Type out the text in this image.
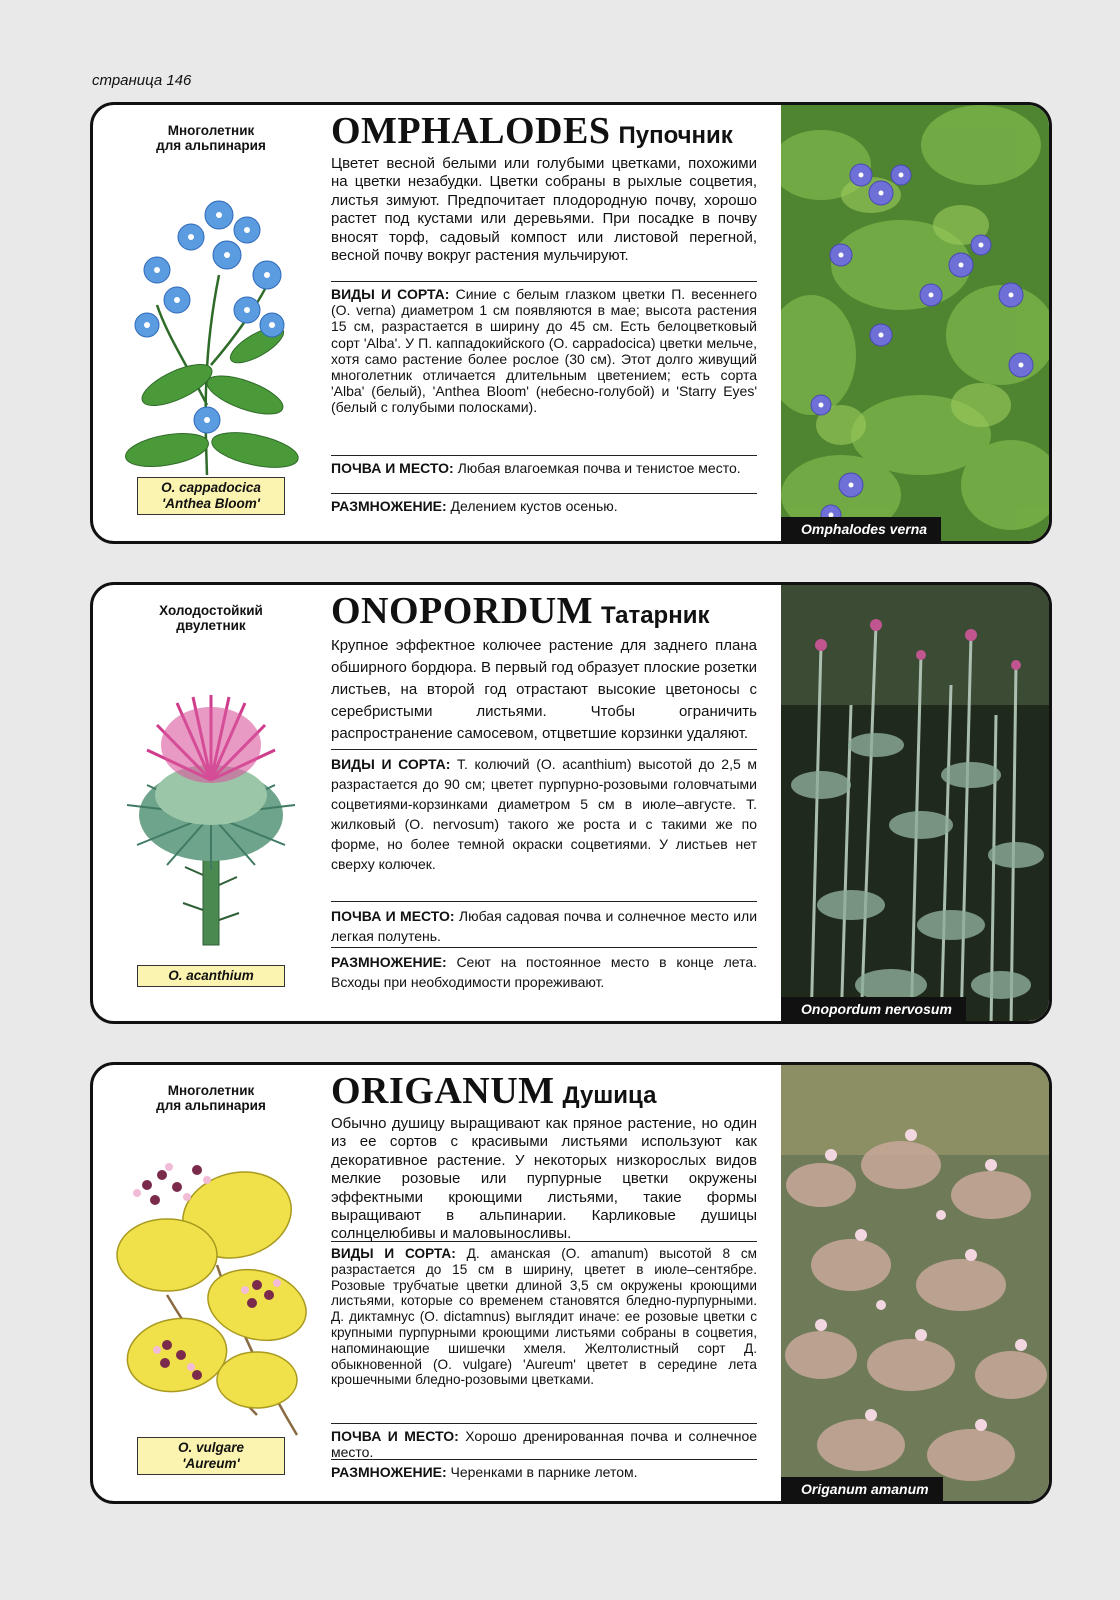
страница 146
Многолетник
для альпинария
O. cappadocica
'Anthea Bloom'
OMPHALODES Пупочник
Цветет весной белыми или голубыми цветками, похожими на цветки незабудки. Цветки собраны в рыхлые соцветия, листья зимуют. Предпочитает плодородную почву, хорошо растет под кустами или деревьями. При посадке в почву вносят торф, садовый компост или листовой перегной, весной почву вокруг растения мульчируют.
ВИДЫ И СОРТА: Синие с белым глазком цветки П. весеннего (O. verna) диаметром 1 см появляются в мае; высота растения 15 см, разрастается в ширину до 45 см. Есть белоцветковый сорт 'Alba'. У П. каппадокийского (O. cappadocica) цветки мельче, хотя само растение более рослое (30 см). Этот долго живущий многолетник отличается длительным цветением; есть сорта 'Alba' (белый), 'Anthea Bloom' (небесно-голубой) и 'Starry Eyes' (белый с голубыми полосками).
ПОЧВА И МЕСТО: Любая влагоемкая почва и тенистое место.
РАЗМНОЖЕНИЕ: Делением кустов осенью.
Omphalodes verna
Холодостойкий
двулетник
O. acanthium
ONOPORDUM Татарник
Крупное эффектное колючее растение для заднего плана обширного бордюра. В первый год образует плоские розетки листьев, на второй год отрастают высокие цветоносы с серебристыми листьями. Чтобы ограничить распространение самосевом, отцветшие корзинки удаляют.
ВИДЫ И СОРТА: Т. колючий (O. acanthium) высотой до 2,5 м разрастается до 90 см; цветет пурпурно-розовыми головчатыми соцветиями-корзинками диаметром 5 см в июле–августе. Т. жилковый (O. nervosum) такого же роста и с такими же по форме, но более темной окраски соцветиями. У листьев нет сверху колючек.
ПОЧВА И МЕСТО: Любая садовая почва и солнечное место или легкая полутень.
РАЗМНОЖЕНИЕ: Сеют на постоянное место в конце лета. Всходы при необходимости прореживают.
Onopordum nervosum
Многолетник
для альпинария
O. vulgare
'Aureum'
ORIGANUM Душица
Обычно душицу выращивают как пряное растение, но один из ее сортов с красивыми листьями используют как декоративное растение. У некоторых низкорослых видов мелкие розовые или пурпурные цветки окружены эффектными кроющими листьями, такие формы выращивают в альпинарии. Карликовые душицы солнцелюбивы и маловыносливы.
ВИДЫ И СОРТА: Д. аманская (O. amanum) высотой 8 см разрастается до 15 см в ширину, цветет в июле–сентябре. Розовые трубчатые цветки длиной 3,5 см окружены кроющими листьями, которые со временем становятся бледно-пурпурными. Д. диктамнус (O. dictamnus) выглядит иначе: ее розовые цветки с крупными пурпурными кроющими листьями собраны в соцветия, напоминающие шишечки хмеля. Желтолистный сорт Д. обыкновенной (O. vulgare) 'Aureum' цветет в середине лета крошечными бледно-розовыми цветками.
ПОЧВА И МЕСТО: Хорошо дренированная почва и солнечное место.
РАЗМНОЖЕНИЕ: Черенками в парнике летом.
Origanum amanum
